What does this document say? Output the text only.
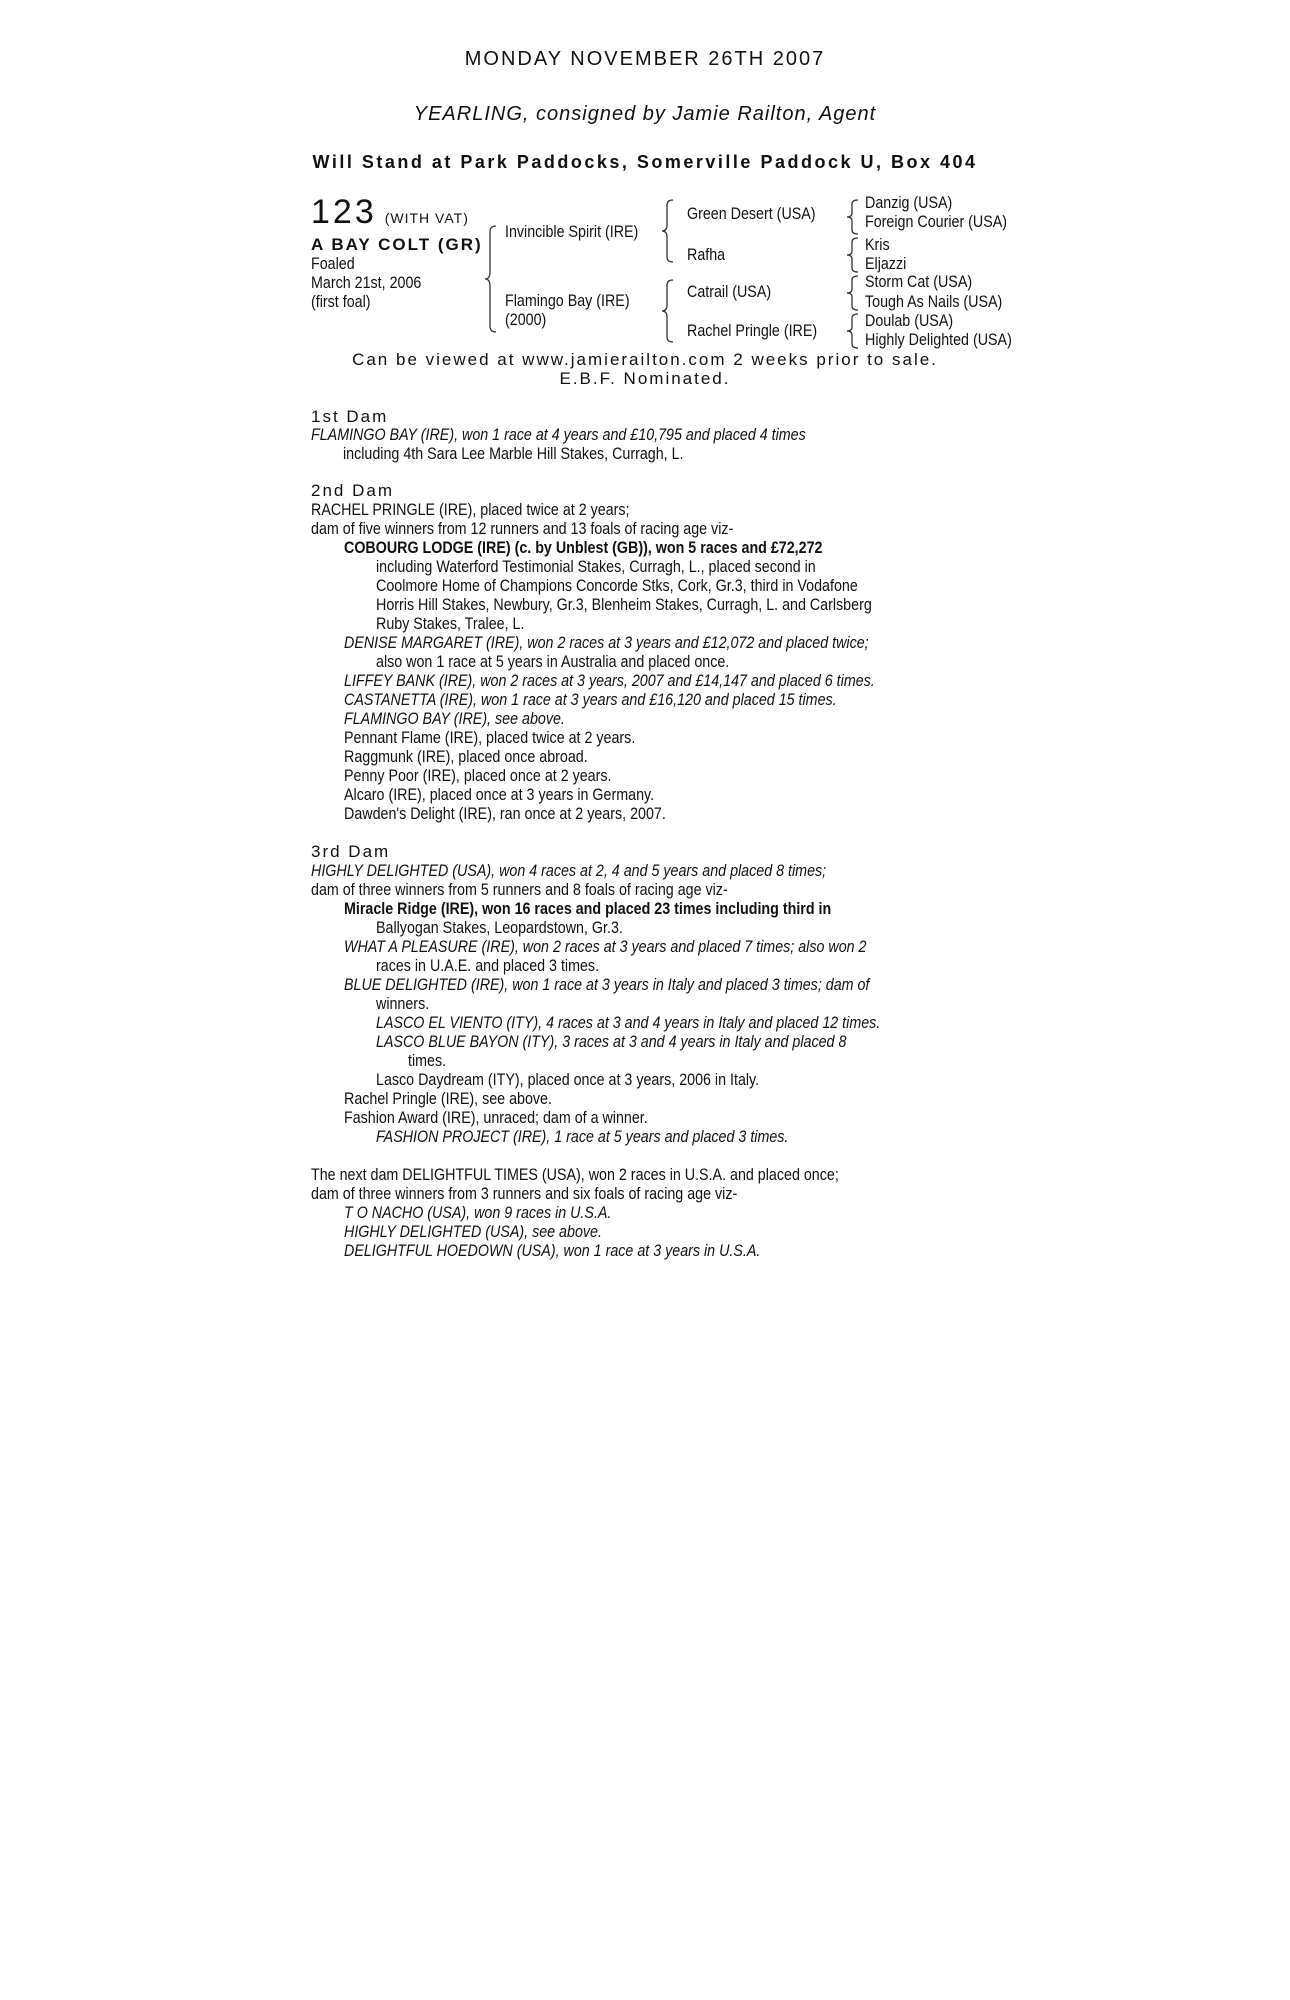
MONDAY NOVEMBER 26TH 2007
YEARLING, consigned by Jamie Railton, Agent
Will Stand at Park Paddocks, Somerville Paddock U, Box 404
123 (WITH VAT)
A BAY COLT (GR)
Foaled
March 21st, 2006
(first foal)
Invincible Spirit (IRE)
Flamingo Bay (IRE)
(2000)
Green Desert (USA)
Rafha
Catrail (USA)
Rachel Pringle (IRE)
Danzig (USA)
Foreign Courier (USA)
Kris
Eljazzi
Storm Cat (USA)
Tough As Nails (USA)
Doulab (USA)
Highly Delighted (USA)
Can be viewed at www.jamierailton.com 2 weeks prior to sale.
E.B.F. Nominated.
1st Dam
FLAMINGO BAY (IRE), won 1 race at 4 years and £10,795 and placed 4 times
including 4th Sara Lee Marble Hill Stakes, Curragh, L.
2nd Dam
RACHEL PRINGLE (IRE), placed twice at 2 years;
dam of five winners from 12 runners and 13 foals of racing age viz-
COBOURG LODGE (IRE) (c. by Unblest (GB)), won 5 races and £72,272
including Waterford Testimonial Stakes, Curragh, L., placed second in
Coolmore Home of Champions Concorde Stks, Cork, Gr.3, third in Vodafone
Horris Hill Stakes, Newbury, Gr.3, Blenheim Stakes, Curragh, L. and Carlsberg
Ruby Stakes, Tralee, L.
DENISE MARGARET (IRE), won 2 races at 3 years and £12,072 and placed twice;
also won 1 race at 5 years in Australia and placed once.
LIFFEY BANK (IRE), won 2 races at 3 years, 2007 and £14,147 and placed 6 times.
CASTANETTA (IRE), won 1 race at 3 years and £16,120 and placed 15 times.
FLAMINGO BAY (IRE), see above.
Pennant Flame (IRE), placed twice at 2 years.
Raggmunk (IRE), placed once abroad.
Penny Poor (IRE), placed once at 2 years.
Alcaro (IRE), placed once at 3 years in Germany.
Dawden's Delight (IRE), ran once at 2 years, 2007.
3rd Dam
HIGHLY DELIGHTED (USA), won 4 races at 2, 4 and 5 years and placed 8 times;
dam of three winners from 5 runners and 8 foals of racing age viz-
Miracle Ridge (IRE), won 16 races and placed 23 times including third in
Ballyogan Stakes, Leopardstown, Gr.3.
WHAT A PLEASURE (IRE), won 2 races at 3 years and placed 7 times; also won 2
races in U.A.E. and placed 3 times.
BLUE DELIGHTED (IRE), won 1 race at 3 years in Italy and placed 3 times; dam of
winners.
LASCO EL VIENTO (ITY), 4 races at 3 and 4 years in Italy and placed 12 times.
LASCO BLUE BAYON (ITY), 3 races at 3 and 4 years in Italy and placed 8
times.
Lasco Daydream (ITY), placed once at 3 years, 2006 in Italy.
Rachel Pringle (IRE), see above.
Fashion Award (IRE), unraced; dam of a winner.
FASHION PROJECT (IRE), 1 race at 5 years and placed 3 times.
The next dam DELIGHTFUL TIMES (USA), won 2 races in U.S.A. and placed once;
dam of three winners from 3 runners and six foals of racing age viz-
T O NACHO (USA), won 9 races in U.S.A.
HIGHLY DELIGHTED (USA), see above.
DELIGHTFUL HOEDOWN (USA), won 1 race at 3 years in U.S.A.
